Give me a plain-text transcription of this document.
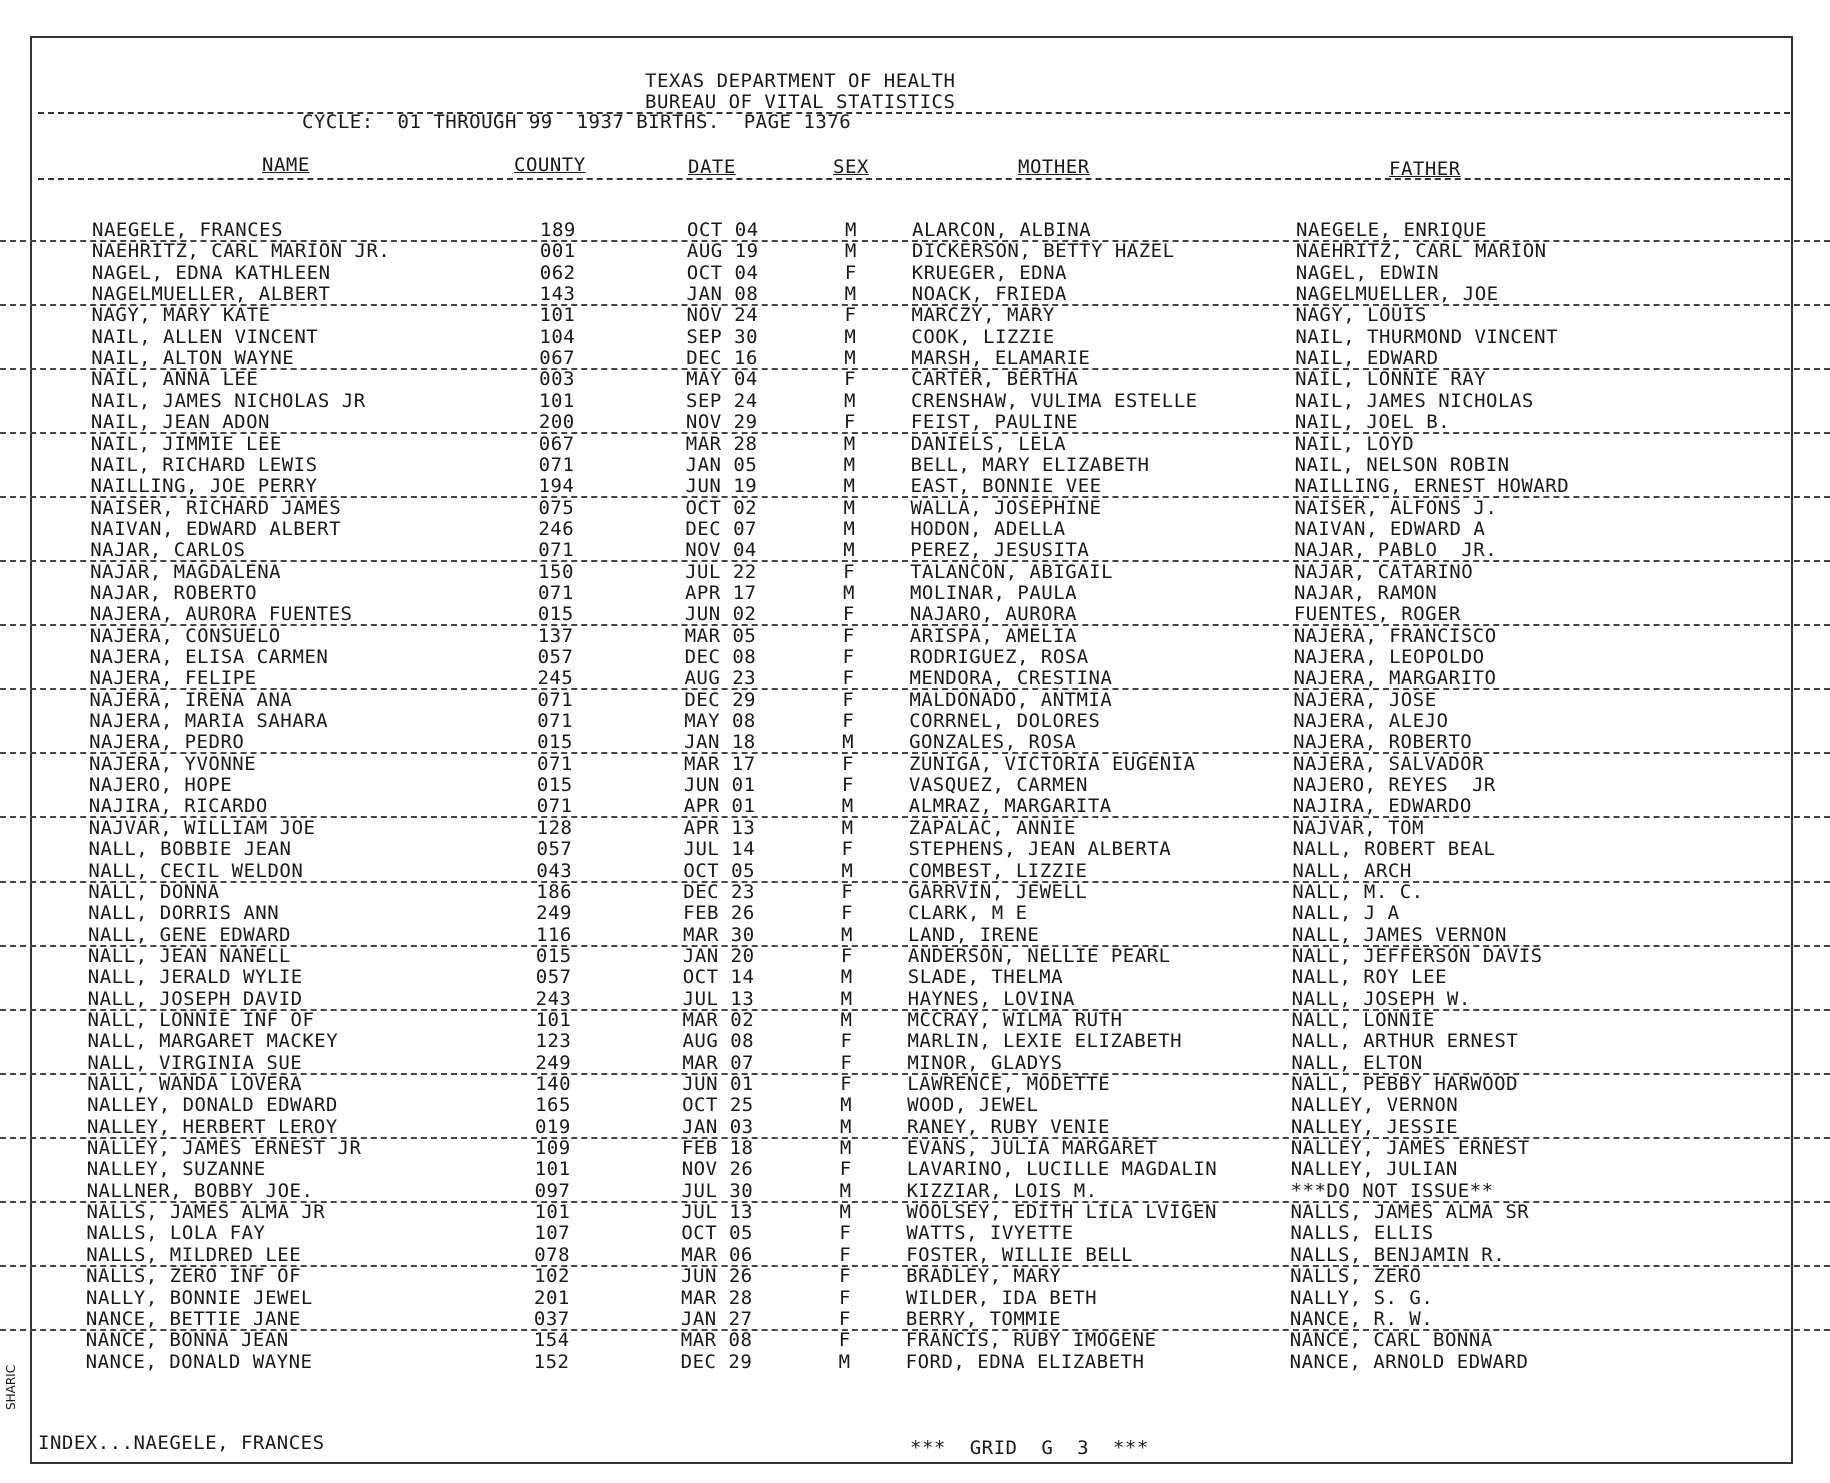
TEXAS DEPARTMENT OF HEALTH
BUREAU OF VITAL STATISTICS
CYCLE:  01 THROUGH 99  1937 BIRTHS.  PAGE 1376
NAME	COUNTY	DATE	SEX	MOTHER	FATHER
NAEGELE, FRANCES	189	OCT 04	M	ALARCON, ALBINA	NAEGELE, ENRIQUE
NAEHRITZ, CARL MARION JR.	001	AUG 19	M	DICKERSON, BETTY HAZEL	NAEHRITZ, CARL MARION
NAGEL, EDNA KATHLEEN	062	OCT 04	F	KRUEGER, EDNA	NAGEL, EDWIN
NAGELMUELLER, ALBERT	143	JAN 08	M	NOACK, FRIEDA	NAGELMUELLER, JOE
NAGY, MARY KATE	101	NOV 24	F	MARCZY, MARY	NAGY, LOUIS
NAIL, ALLEN VINCENT	104	SEP 30	M	COOK, LIZZIE	NAIL, THURMOND VINCENT
NAIL, ALTON WAYNE	067	DEC 16	M	MARSH, ELAMARIE	NAIL, EDWARD
NAIL, ANNA LEE	003	MAY 04	F	CARTER, BERTHA	NAIL, LONNIE RAY
NAIL, JAMES NICHOLAS JR	101	SEP 24	M	CRENSHAW, VULIMA ESTELLE	NAIL, JAMES NICHOLAS
NAIL, JEAN ADON	200	NOV 29	F	FEIST, PAULINE	NAIL, JOEL B.
NAIL, JIMMIE LEE	067	MAR 28	M	DANIELS, LELA	NAIL, LOYD
NAIL, RICHARD LEWIS	071	JAN 05	M	BELL, MARY ELIZABETH	NAIL, NELSON ROBIN
NAILLING, JOE PERRY	194	JUN 19	M	EAST, BONNIE VEE	NAILLING, ERNEST HOWARD
NAISER, RICHARD JAMES	075	OCT 02	M	WALLA, JOSEPHINE	NAISER, ALFONS J.
NAIVAN, EDWARD ALBERT	246	DEC 07	M	HODON, ADELLA	NAIVAN, EDWARD A
NAJAR, CARLOS	071	NOV 04	M	PEREZ, JESUSITA	NAJAR, PABLO  JR.
NAJAR, MAGDALENA	150	JUL 22	F	TALANCON, ABIGAIL	NAJAR, CATARINO
NAJAR, ROBERTO	071	APR 17	M	MOLINAR, PAULA	NAJAR, RAMON
NAJERA, AURORA FUENTES	015	JUN 02	F	NAJARO, AURORA	FUENTES, ROGER
NAJERA, CONSUELO	137	MAR 05	F	ARISPA, AMELIA	NAJERA, FRANCISCO
NAJERA, ELISA CARMEN	057	DEC 08	F	RODRIGUEZ, ROSA	NAJERA, LEOPOLDO
NAJERA, FELIPE	245	AUG 23	F	MENDORA, CRESTINA	NAJERA, MARGARITO
NAJERA, IRENA ANA	071	DEC 29	F	MALDONADO, ANTMIA	NAJERA, JOSE
NAJERA, MARIA SAHARA	071	MAY 08	F	CORRNEL, DOLORES	NAJERA, ALEJO
NAJERA, PEDRO	015	JAN 18	M	GONZALES, ROSA	NAJERA, ROBERTO
NAJERA, YVONNE	071	MAR 17	F	ZUNIGA, VICTORIA EUGENIA	NAJERA, SALVADOR
NAJERO, HOPE	015	JUN 01	F	VASQUEZ, CARMEN	NAJERO, REYES  JR
NAJIRA, RICARDO	071	APR 01	M	ALMRAZ, MARGARITA	NAJIRA, EDWARDO
NAJVAR, WILLIAM JOE	128	APR 13	M	ZAPALAC, ANNIE	NAJVAR, TOM
NALL, BOBBIE JEAN	057	JUL 14	F	STEPHENS, JEAN ALBERTA	NALL, ROBERT BEAL
NALL, CECIL WELDON	043	OCT 05	M	COMBEST, LIZZIE	NALL, ARCH
NALL, DONNA	186	DEC 23	F	GARRVIN, JEWELL	NALL, M. C.
NALL, DORRIS ANN	249	FEB 26	F	CLARK, M E	NALL, J A
NALL, GENE EDWARD	116	MAR 30	M	LAND, IRENE	NALL, JAMES VERNON
NALL, JEAN NANELL	015	JAN 20	F	ANDERSON, NELLIE PEARL	NALL, JEFFERSON DAVIS
NALL, JERALD WYLIE	057	OCT 14	M	SLADE, THELMA	NALL, ROY LEE
NALL, JOSEPH DAVID	243	JUL 13	M	HAYNES, LOVINA	NALL, JOSEPH W.
NALL, LONNIE INF OF	101	MAR 02	M	MCCRAY, WILMA RUTH	NALL, LONNIE
NALL, MARGARET MACKEY	123	AUG 08	F	MARLIN, LEXIE ELIZABETH	NALL, ARTHUR ERNEST
NALL, VIRGINIA SUE	249	MAR 07	F	MINOR, GLADYS	NALL, ELTON
NALL, WANDA LOVERA	140	JUN 01	F	LAWRENCE, MODETTE	NALL, PEBBY HARWOOD
NALLEY, DONALD EDWARD	165	OCT 25	M	WOOD, JEWEL	NALLEY, VERNON
NALLEY, HERBERT LEROY	019	JAN 03	M	RANEY, RUBY VENIE	NALLEY, JESSIE
NALLEY, JAMES ERNEST JR	109	FEB 18	M	EVANS, JULIA MARGARET	NALLEY, JAMES ERNEST
NALLEY, SUZANNE	101	NOV 26	F	LAVARINO, LUCILLE MAGDALIN	NALLEY, JULIAN
NALLNER, BOBBY JOE.	097	JUL 30	M	KIZZIAR, LOIS M.	***DO NOT ISSUE**
NALLS, JAMES ALMA JR	101	JUL 13	M	WOOLSEY, EDITH LILA LVIGEN	NALLS, JAMES ALMA SR
NALLS, LOLA FAY	107	OCT 05	F	WATTS, IVYETTE	NALLS, ELLIS
NALLS, MILDRED LEE	078	MAR 06	F	FOSTER, WILLIE BELL	NALLS, BENJAMIN R.
NALLS, ZERO INF OF	102	JUN 26	F	BRADLEY, MARY	NALLS, ZERO
NALLY, BONNIE JEWEL	201	MAR 28	F	WILDER, IDA BETH	NALLY, S. G.
NANCE, BETTIE JANE	037	JAN 27	F	BERRY, TOMMIE	NANCE, R. W.
NANCE, BONNA JEAN	154	MAR 08	F	FRANCIS, RUBY IMOGENE	NANCE, CARL BONNA
NANCE, DONALD WAYNE	152	DEC 29	M	FORD, EDNA ELIZABETH	NANCE, ARNOLD EDWARD
INDEX...NAEGELE, FRANCES	***  GRID  G  3  ***
SHARIC
